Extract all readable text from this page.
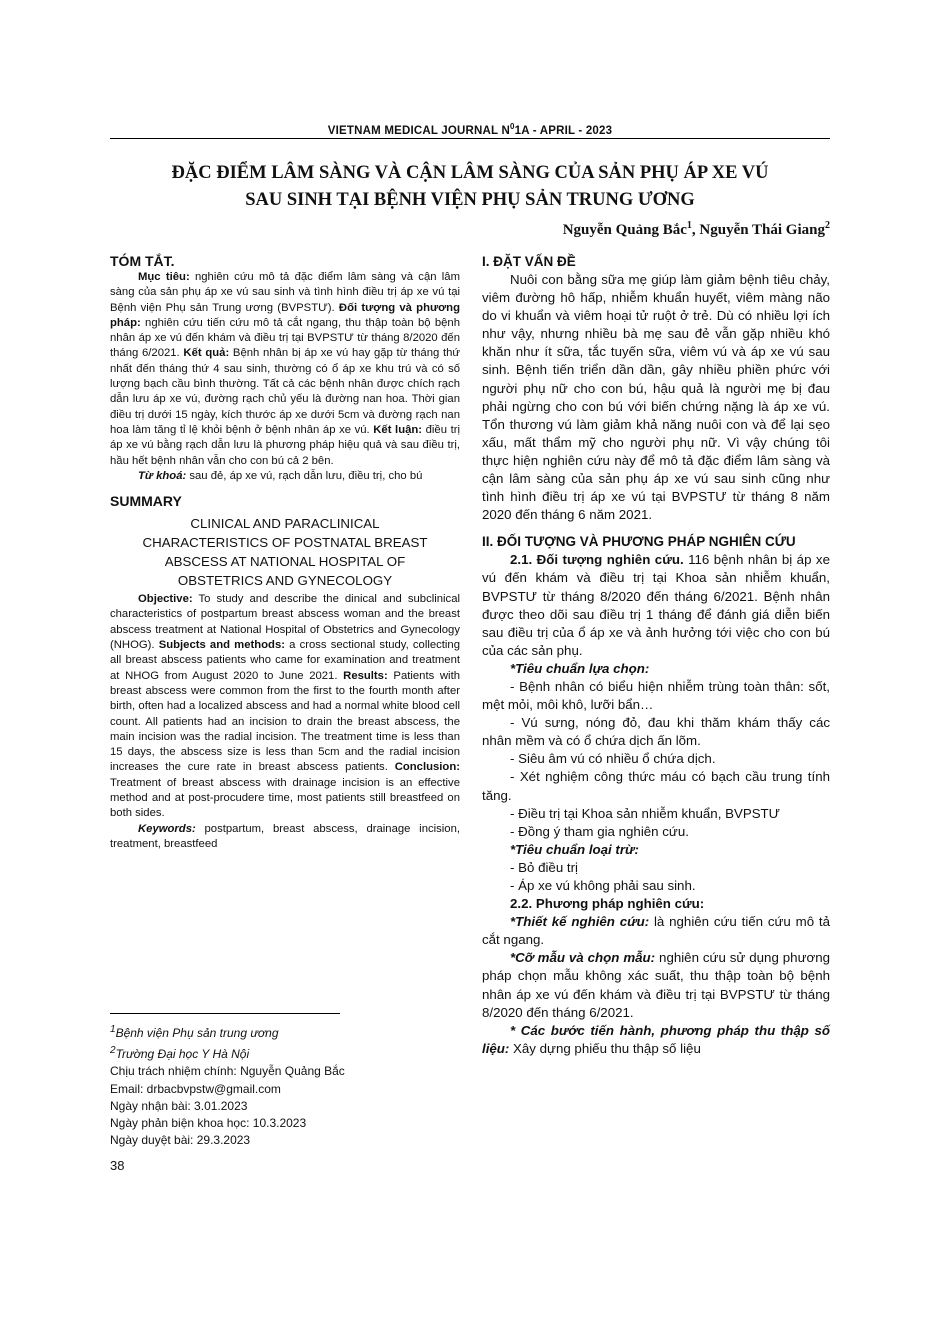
VIETNAM MEDICAL JOURNAL $N^01A$ - APRIL - 2023
ĐẶC ĐIỂM LÂM SÀNG VÀ CẬN LÂM SÀNG CỦA SẢN PHỤ ÁP XE VÚ
SAU SINH TẠI BỆNH VIỆN PHỤ SẢN TRUNG ƯƠNG
Nguyễn Quảng Bắc$^1$, Nguyễn Thái Giang$^2$

TÓM TẮT.

Mục tiêu: nghiên cứu mô tả đặc điểm lâm sàng và cận lâm sàng của sản phụ áp xe vú sau sinh và tình hình điều trị áp xe vú tại Bệnh viện Phụ sản Trung ương (BVPSTƯ). Đối tượng và phương pháp: nghiên cứu tiến cứu mô tả cắt ngang, thu thập toàn bộ bệnh nhân áp xe vú đến khám và điều trị tại BVPSTƯ từ tháng 8/2020 đến tháng 6/2021. Kết quả: Bệnh nhân bị áp xe vú hay gặp từ tháng thứ nhất đến tháng thứ 4 sau sinh, thường có ổ áp xe khu trú và có số lượng bạch cầu bình thường. Tất cả các bệnh nhân được chích rạch dẫn lưu áp xe vú, đường rạch chủ yếu là đường nan hoa. Thời gian điều trị dưới 15 ngày, kích thước áp xe dưới 5cm và đường rạch nan hoa làm tăng tỉ lệ khỏi bệnh ở bệnh nhân áp xe vú. Kết luận: điều trị áp xe vú bằng rạch dẫn lưu là phương pháp hiệu quả và sau điều trị, hầu hết bệnh nhân vẫn cho con bú cả 2 bên.

Từ khoá: sau đẻ, áp xe vú, rạch dẫn lưu, điều trị, cho bú

SUMMARY

CLINICAL AND PARACLINICAL
CHARACTERISTICS OF POSTNATAL BREAST
ABSCESS AT NATIONAL HOSPITAL OF
OBSTETRICS AND GYNECOLOGY

Objective: To study and describe the dinical and subclinical characteristics of postpartum breast abscess woman and the breast abscess treatment at National Hospital of Obstetrics and Gynecology (NHOG). Subjects and methods: a cross sectional study, collecting all breast abscess patients who came for examination and treatment at NHOG from August 2020 to June 2021. Results: Patients with breast abscess were common from the first to the fourth month after birth, often had a localized abscess and had a normal white blood cell count. All patients had an incision to drain the breast abscess, the main incision was the radial incision. The treatment time is less than 15 days, the abscess size is less than 5cm and the radial incision increases the cure rate in breast abscess patients. Conclusion: Treatment of breast abscess with drainage incision is an effective method and at post-procudere time, most patients still breastfeed on both sides.

Keywords: postpartum, breast abscess, drainage incision, treatment, breastfeed

$^1$Bệnh viện Phụ sản trung ương
$^2$Trường Đại học Y Hà Nội
Chịu trách nhiệm chính: Nguyễn Quảng Bắc
Email: drbacbvpstw@gmail.com
Ngày nhận bài: 3.01.2023
Ngày phản biện khoa học: 10.3.2023
Ngày duyệt bài: 29.3.2023
38

I. ĐẶT VẤN ĐỀ

Nuôi con bằng sữa mẹ giúp làm giảm bệnh tiêu chảy, viêm đường hô hấp, nhiễm khuẩn huyết, viêm màng não do vi khuẩn và viêm hoại tử ruột ở trẻ. Dù có nhiều lợi ích như vậy, nhưng nhiều bà mẹ sau đẻ vẫn gặp nhiều khó khăn như ít sữa, tắc tuyến sữa, viêm vú và áp xe vú sau sinh. Bệnh tiến triển dần dần, gây nhiều phiền phức với người phụ nữ cho con bú, hậu quả là người mẹ bị đau phải ngừng cho con bú với biến chứng nặng là áp xe vú. Tổn thương vú làm giảm khả năng nuôi con và để lại sẹo xấu, mất thẩm mỹ cho người phụ nữ. Vì vậy chúng tôi thực hiện nghiên cứu này để mô tả đặc điểm lâm sàng và cận lâm sàng của sản phụ áp xe vú sau sinh cũng như tình hình điều trị áp xe vú tại BVPSTƯ từ tháng 8 năm 2020 đến tháng 6 năm 2021.

II. ĐỐI TƯỢNG VÀ PHƯƠNG PHÁP NGHIÊN CỨU

2.1. Đối tượng nghiên cứu. 116 bệnh nhân bị áp xe vú đến khám và điều trị tại Khoa sản nhiễm khuẩn, BVPSTƯ từ tháng 8/2020 đến tháng 6/2021. Bệnh nhân được theo dõi sau điều trị 1 tháng để đánh giá diễn biến sau điều trị của ổ áp xe và ảnh hưởng tới việc cho con bú của các sản phụ.

*Tiêu chuẩn lựa chọn:

- Bệnh nhân có biểu hiện nhiễm trùng toàn thân: sốt, mệt mỏi, môi khô, lưỡi bẩn…

- Vú sưng, nóng đỏ, đau khi thăm khám thấy các nhân mềm và có ổ chứa dịch ấn lõm.

- Siêu âm vú có nhiều ổ chứa dịch.

- Xét nghiệm công thức máu có bạch cầu trung tính tăng.

- Điều trị tại Khoa sản nhiễm khuẩn, BVPSTƯ

- Đồng ý tham gia nghiên cứu.

*Tiêu chuẩn loại trừ:

- Bỏ điều trị

- Áp xe vú không phải sau sinh.

2.2. Phương pháp nghiên cứu:

*Thiết kế nghiên cứu: là nghiên cứu tiến cứu mô tả cắt ngang.

*Cỡ mẫu và chọn mẫu: nghiên cứu sử dụng phương pháp chọn mẫu không xác suất, thu thập toàn bộ bệnh nhân áp xe vú đến khám và điều trị tại BVPSTƯ từ tháng 8/2020 đến tháng 6/2021.

* Các bước tiến hành, phương pháp thu thập số liệu: Xây dựng phiếu thu thập số liệu
